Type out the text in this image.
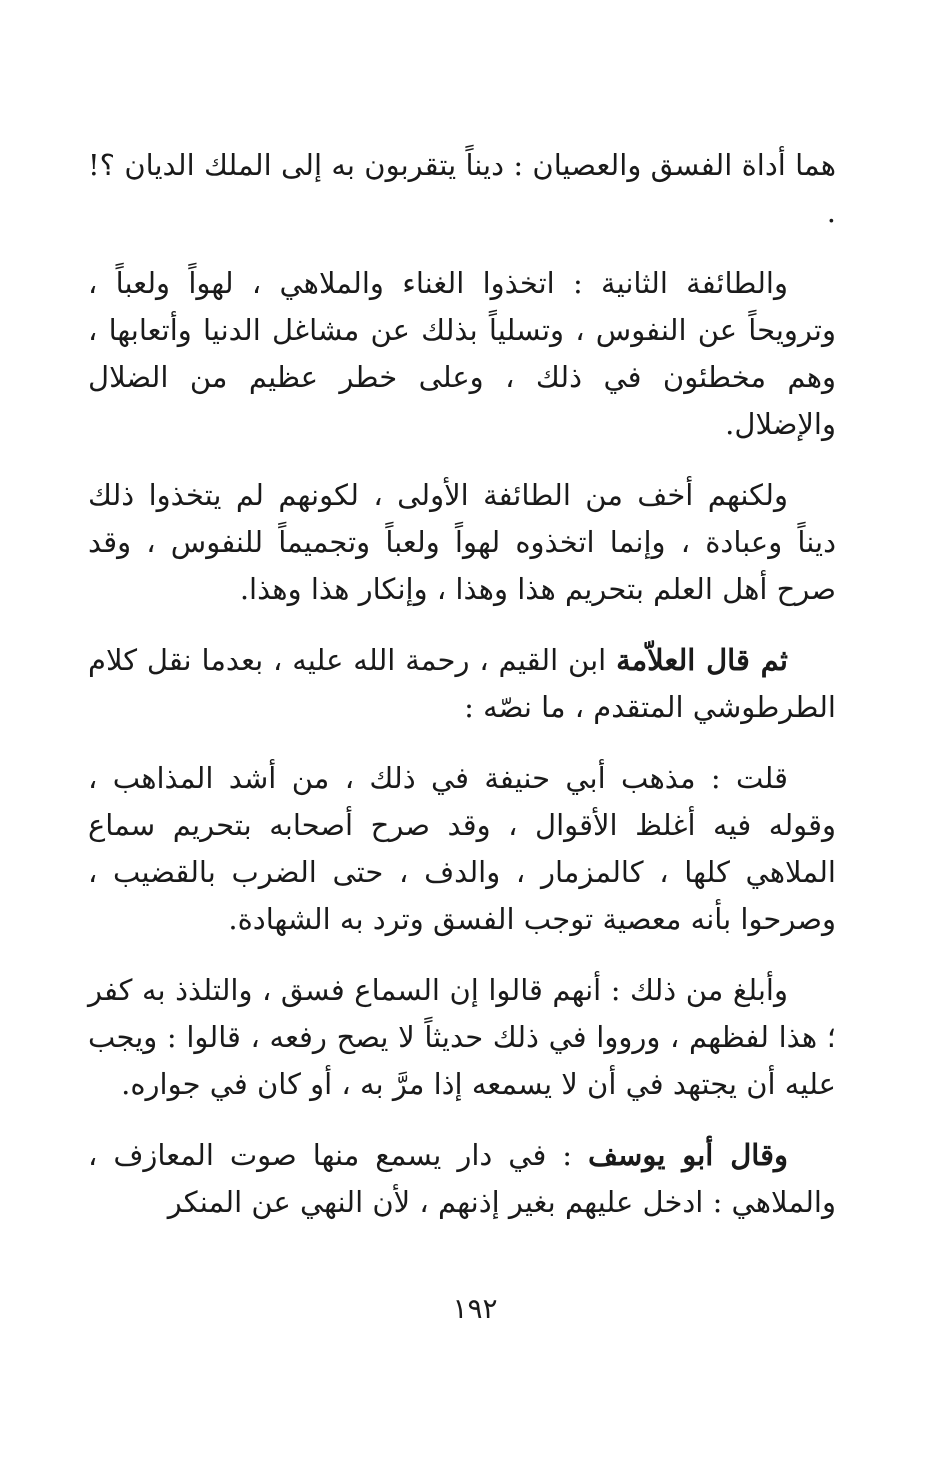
هما أداة الفسق والعصيان : ديناً يتقربون به إلى الملك الديان ؟! .

والطائفة الثانية : اتخذوا الغناء والملاهي ، لهواً ولعباً ، وترويحاً عن النفوس ، وتسلياً بذلك عن مشاغل الدنيا وأتعابها ، وهم مخطئون في ذلك ، وعلى خطر عظيم من الضلال والإضلال.

ولكنهم أخف من الطائفة الأولى ، لكونهم لم يتخذوا ذلك ديناً وعبادة ، وإنما اتخذوه لهواً ولعباً وتجميماً للنفوس ، وقد صرح أهل العلم بتحريم هذا وهذا ، وإنكار هذا وهذا.

ثم قال العلاّمة ابن القيم ، رحمة الله عليه ، بعدما نقل كلام الطرطوشي المتقدم ، ما نصّه :

قلت : مذهب أبي حنيفة في ذلك ، من أشد المذاهب ، وقوله فيه أغلظ الأقوال ، وقد صرح أصحابه بتحريم سماع الملاهي كلها ، كالمزمار ، والدف ، حتى الضرب بالقضيب ، وصرحوا بأنه معصية توجب الفسق وترد به الشهادة.

وأبلغ من ذلك : أنهم قالوا إن السماع فسق ، والتلذذ به كفر ؛ هذا لفظهم ، ورووا في ذلك حديثاً لا يصح رفعه ، قالوا : ويجب عليه أن يجتهد في أن لا يسمعه إذا مرَّ به ، أو كان في جواره.

وقال أبو يوسف : في دار يسمع منها صوت المعازف ، والملاهي : ادخل عليهم بغير إذنهم ، لأن النهي عن المنكر

١٩٢
